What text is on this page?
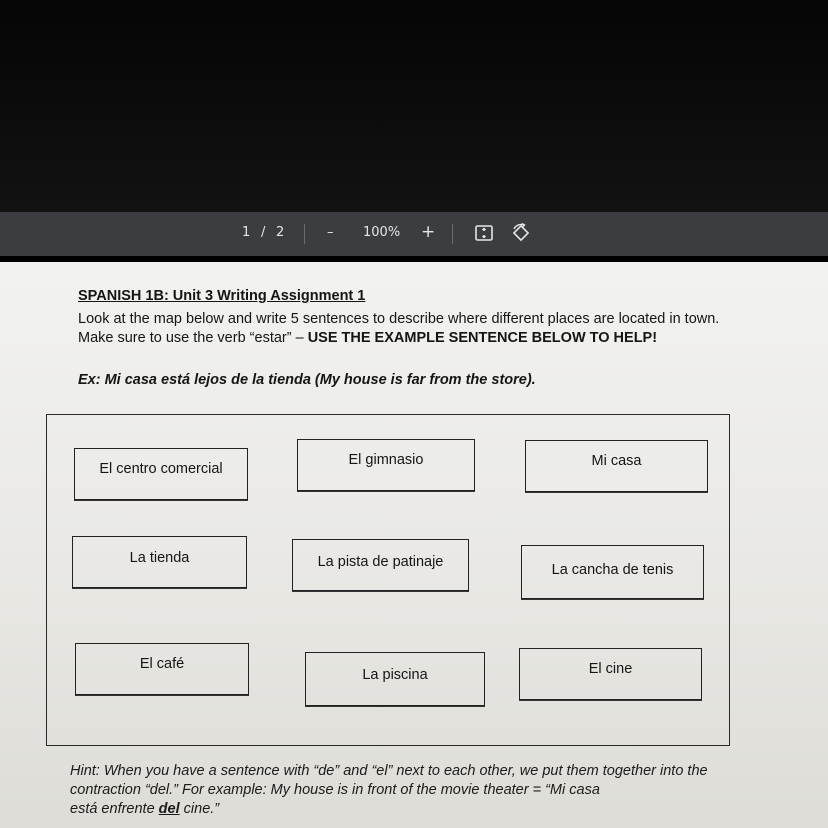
1 / 2	– 100% +
SPANISH 1B: Unit 3 Writing Assignment 1
Look at the map below and write 5 sentences to describe where different places are located in town. Make sure to use the verb “estar” – USE THE EXAMPLE SENTENCE BELOW TO HELP!
Ex: Mi casa está lejos de la tienda (My house is far from the store).
El centro comercial
El gimnasio	Mi casa
La tienda	La pista de patinaje	La cancha de tenis
El café
La piscina	El cine
Hint: When you have a sentence with “de” and “el” next to each other, we put them together into the contraction “del.” For example: My house is in front of the movie theater = “Mi casa
está enfrente del cine.”
